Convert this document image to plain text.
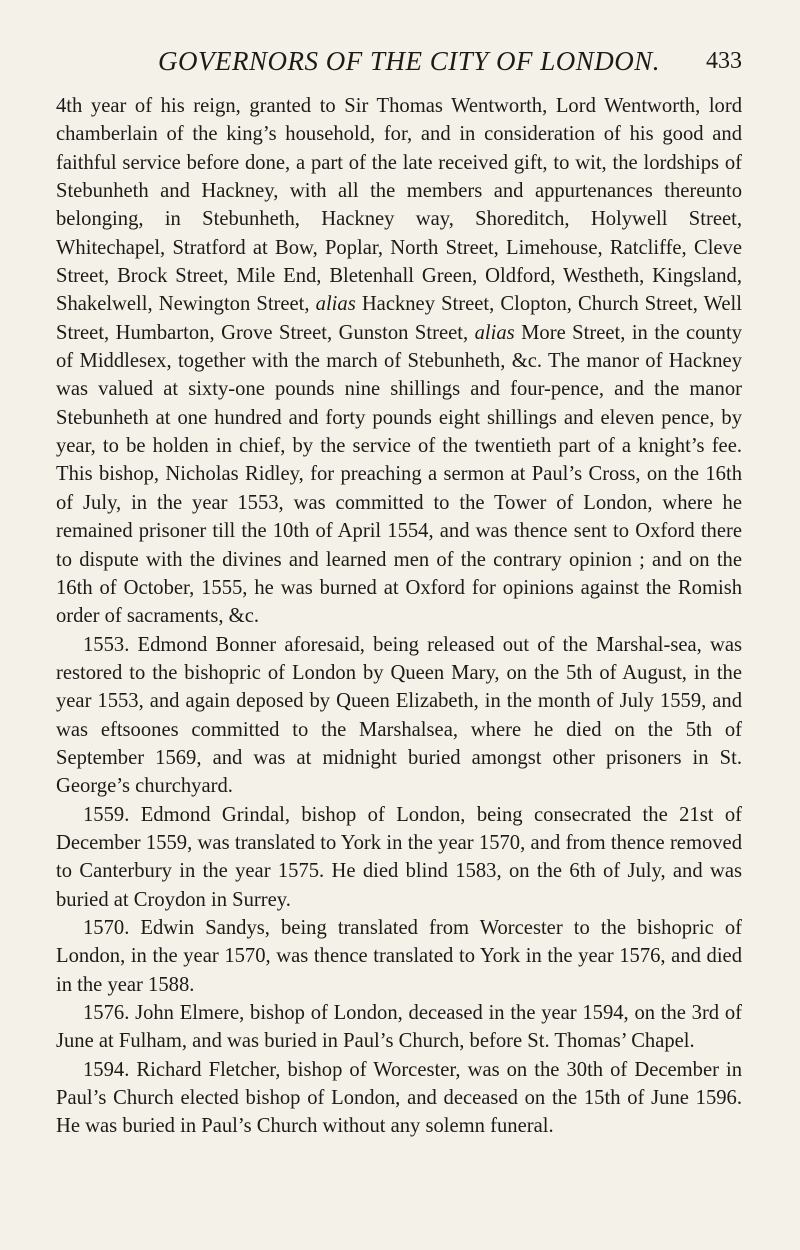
GOVERNORS OF THE CITY OF LONDON. 433

4th year of his reign, granted to Sir Thomas Wentworth, Lord Wentworth, lord chamberlain of the king’s household, for, and in consideration of his good and faithful service before done, a part of the late received gift, to wit, the lordships of Stebunheth and Hackney, with all the members and appurtenances thereunto belonging, in Stebunheth, Hackney way, Shoreditch, Holywell Street, Whitechapel, Stratford at Bow, Poplar, North Street, Limehouse, Ratcliffe, Cleve Street, Brock Street, Mile End, Bletenhall Green, Oldford, Westheth, Kingsland, Shakelwell, Newington Street, alias Hackney Street, Clopton, Church Street, Well Street, Humbarton, Grove Street, Gunston Street, alias More Street, in the county of Middlesex, together with the march of Stebunheth, &c. The manor of Hackney was valued at sixty-one pounds nine shillings and four-pence, and the manor Stebunheth at one hundred and forty pounds eight shillings and eleven pence, by year, to be holden in chief, by the service of the twentieth part of a knight’s fee. This bishop, Nicholas Ridley, for preaching a sermon at Paul’s Cross, on the 16th of July, in the year 1553, was committed to the Tower of London, where he remained prisoner till the 10th of April 1554, and was thence sent to Oxford there to dispute with the divines and learned men of the contrary opinion ; and on the 16th of October, 1555, he was burned at Oxford for opinions against the Romish order of sacraments, &c.

1553. Edmond Bonner aforesaid, being released out of the Marshal-sea, was restored to the bishopric of London by Queen Mary, on the 5th of August, in the year 1553, and again deposed by Queen Elizabeth, in the month of July 1559, and was eftsoones committed to the Marshalsea, where he died on the 5th of September 1569, and was at midnight buried amongst other prisoners in St. George’s churchyard.

1559. Edmond Grindal, bishop of London, being consecrated the 21st of December 1559, was translated to York in the year 1570, and from thence removed to Canterbury in the year 1575. He died blind 1583, on the 6th of July, and was buried at Croydon in Surrey.

1570. Edwin Sandys, being translated from Worcester to the bishopric of London, in the year 1570, was thence translated to York in the year 1576, and died in the year 1588.

1576. John Elmere, bishop of London, deceased in the year 1594, on the 3rd of June at Fulham, and was buried in Paul’s Church, before St. Thomas’ Chapel.

1594. Richard Fletcher, bishop of Worcester, was on the 30th of December in Paul’s Church elected bishop of London, and deceased on the 15th of June 1596. He was buried in Paul’s Church without any solemn funeral.
